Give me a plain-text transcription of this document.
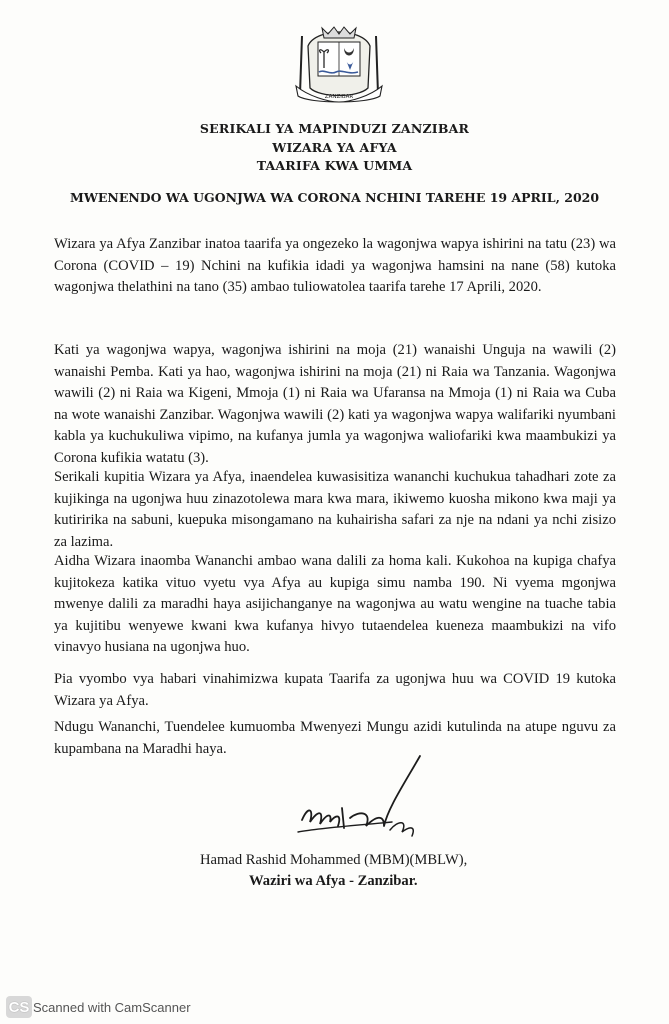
ZANZIBAR
SERIKALI YA MAPINDUZI ZANZIBAR
WIZARA YA AFYA
TAARIFA KWA UMMA
MWENENDO WA UGONJWA WA CORONA NCHINI TAREHE 19 APRIL, 2020

Wizara ya Afya Zanzibar inatoa taarifa ya ongezeko la wagonjwa wapya ishirini na tatu (23) wa Corona (COVID – 19) Nchini na kufikia idadi ya wagonjwa hamsini na nane (58) kutoka wagonjwa thelathini na tano (35) ambao tuliowatolea taarifa tarehe 17 Aprili, 2020.

Kati ya wagonjwa wapya, wagonjwa ishirini na moja (21) wanaishi Unguja na wawili (2) wanaishi Pemba. Kati ya hao, wagonjwa ishirini na moja (21) ni Raia wa Tanzania. Wagonjwa wawili (2) ni Raia wa Kigeni, Mmoja (1) ni Raia wa Ufaransa na Mmoja (1) ni Raia wa Cuba na wote wanaishi Zanzibar. Wagonjwa wawili (2) kati ya wagonjwa wapya walifariki nyumbani kabla ya kuchukuliwa vipimo, na kufanya jumla ya wagonjwa waliofariki kwa maambukizi ya Corona kufikia watatu (3).

Serikali kupitia Wizara ya Afya, inaendelea kuwasisitiza wananchi kuchukua tahadhari zote za kujikinga na ugonjwa huu zinazotolewa mara kwa mara, ikiwemo kuosha mikono kwa maji ya kutiririka na sabuni, kuepuka misongamano na kuhairisha safari za nje na ndani ya nchi zisizo za lazima.

Aidha Wizara inaomba Wananchi ambao wana dalili za homa kali. Kukohoa na kupiga chafya kujitokeza katika vituo vyetu vya Afya au kupiga simu namba 190. Ni vyema mgonjwa mwenye dalili za maradhi haya asijichanganye na wagonjwa au watu wengine na tuache tabia ya kujitibu wenyewe kwani kwa kufanya hivyo tutaendelea kueneza maambukizi na vifo vinavyo husiana na ugonjwa huo.

Pia vyombo vya habari vinahimizwa kupata Taarifa za ugonjwa huu wa COVID 19 kutoka Wizara ya Afya.

Ndugu Wananchi, Tuendelee kumuomba Mwenyezi Mungu azidi kutulinda na atupe nguvu za kupambana na Maradhi haya.

Hamad Rashid Mohammed (MBM)(MBLW),
Waziri wa Afya - Zanzibar.
CS Scanned with CamScanner
